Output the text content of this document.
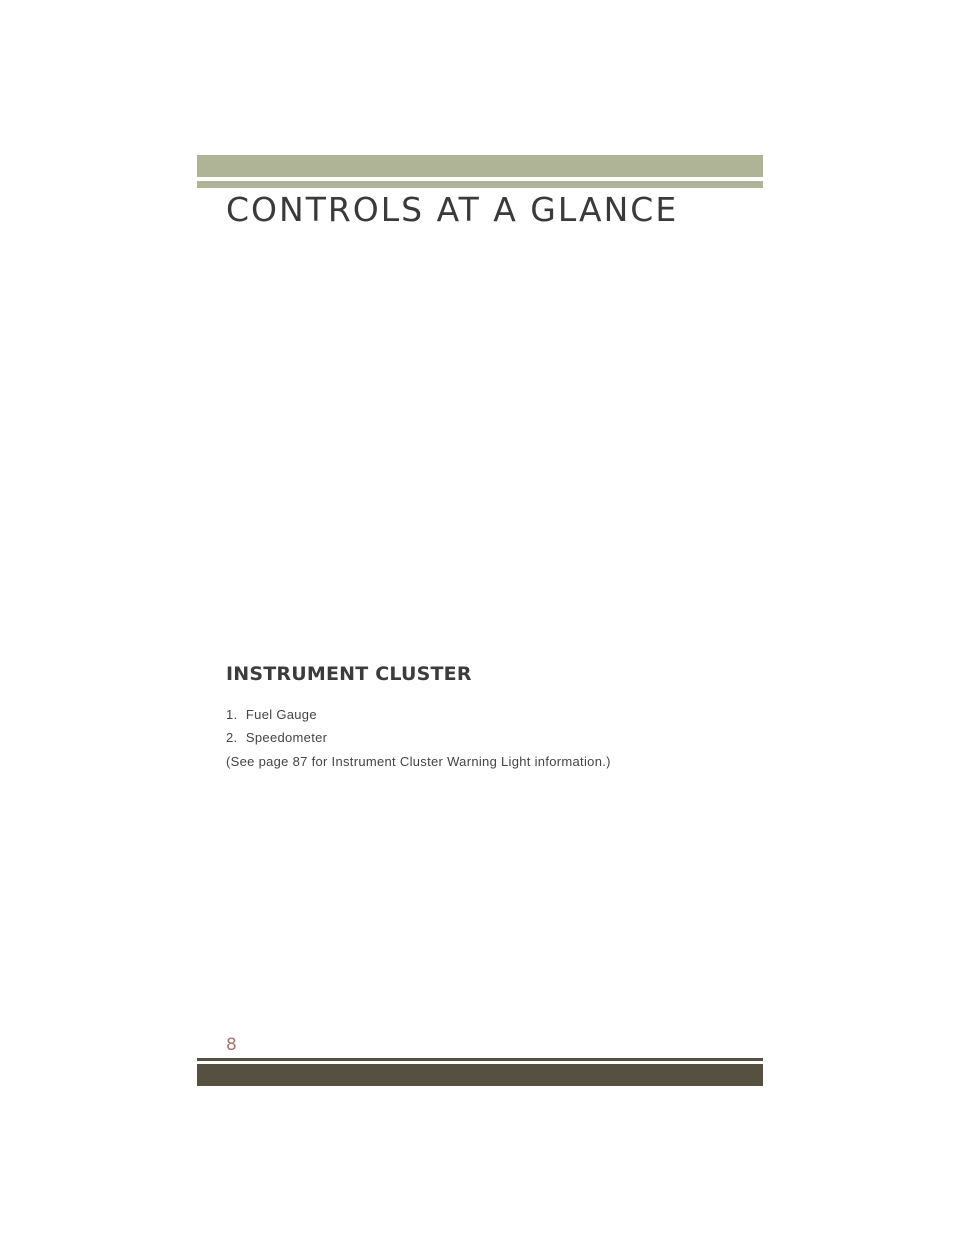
CONTROLS AT A GLANCE
INSTRUMENT CLUSTER
1. Fuel Gauge
2. Speedometer
(See page 87 for Instrument Cluster Warning Light information.)
8
